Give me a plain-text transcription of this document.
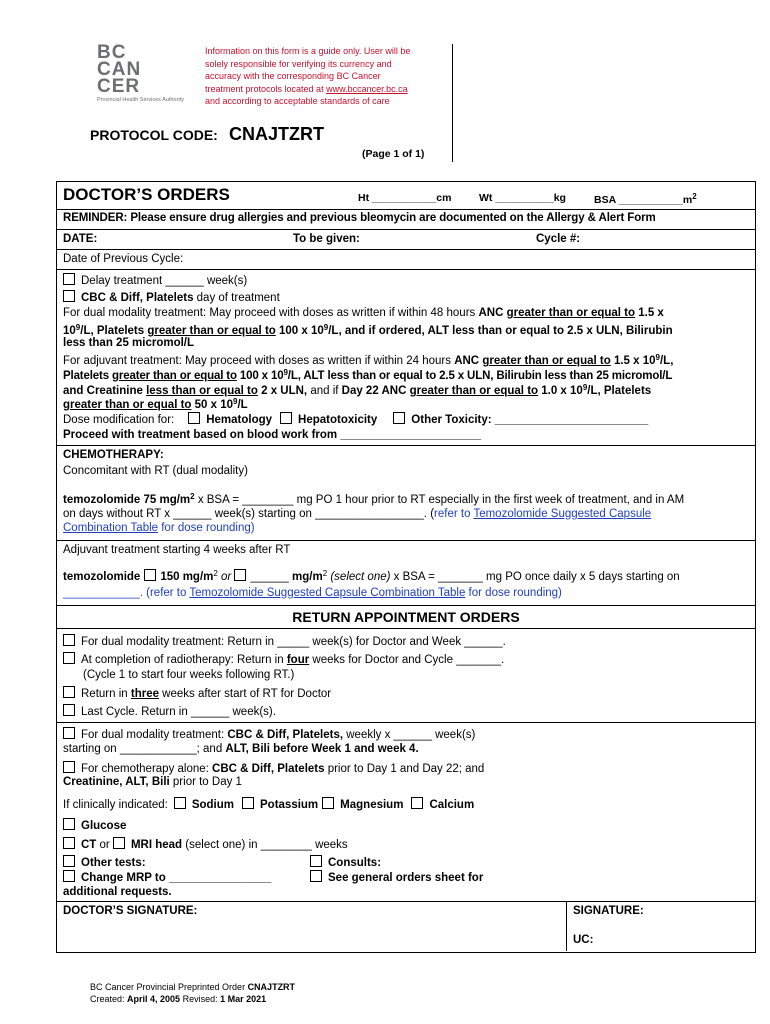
BC
CAN
CER
Provincial Health Services Authority
Information on this form is a guide only. User will be
solely responsible for verifying its currency and
accuracy with the corresponding BC Cancer
treatment protocols located at www.bccancer.bc.ca
and according to acceptable standards of care
PROTOCOL CODE: CNAJTZRT
(Page 1 of 1)
DOCTOR’S ORDERS	Ht ___________cm	Wt __________kg	BSA $\_\_\_\_\_\_\_\_\_\_\_m^2$
REMINDER: Please ensure drug allergies and previous bleomycin are documented on the Allergy & Alert Form
DATE:	To be given:	Cycle #:
Date of Previous Cycle:
Delay treatment ______ week(s)
CBC & Diff, Platelets day of treatment
For dual modality treatment: May proceed with doses as written if within 48 hours ANC greater than or equal to 1.5 x
$10^9/L$, Platelets greater than or equal to 100 x $10^9/L$, and if ordered, ALT less than or equal to 2.5 x ULN, Bilirubin
less than 25 micromol/L
For adjuvant treatment: May proceed with doses as written if within 24 hours ANC greater than or equal to 1.5 x $10^9/L$,
Platelets greater than or equal to 100 x $10^9/L$, ALT less than or equal to 2.5 x ULN, Bilirubin less than 25 micromol/L
and Creatinine less than or equal to 2 x ULN, and if Day 22 ANC greater than or equal to 1.0 x $10^9/L$, Platelets
greater than or equal to 50 x $10^9/L$
Dose modification for:	Hematology Hepatotoxicity	Other Toxicity: ________________________
Proceed with treatment based on blood work from ______________________
CHEMOTHERAPY:
Concomitant with RT (dual modality)
temozolomide 75 $mg/m^2$ x BSA = ________ mg PO 1 hour prior to RT especially in the first week of treatment, and in AM
on days without RT x ______ week(s) starting on _________________. (refer to Temozolomide Suggested Capsule
Combination Table for dose rounding)
Adjuvant treatment starting 4 weeks after RT
temozolomide 150 $mg/m^2$ or ______ $mg/m^2$ (select one) x BSA = _______ mg PO once daily x 5 days starting on
____________. (refer to Temozolomide Suggested Capsule Combination Table for dose rounding)
RETURN APPOINTMENT ORDERS
For dual modality treatment: Return in _____ week(s) for Doctor and Week ______.
At completion of radiotherapy: Return in four weeks for Doctor and Cycle _______.
(Cycle 1 to start four weeks following RT.)
Return in three weeks after start of RT for Doctor
Last Cycle. Return in ______ week(s).
For dual modality treatment: CBC & Diff, Platelets, weekly x ______ week(s)
starting on ____________; and ALT, Bili before Week 1 and week 4.
For chemotherapy alone: CBC & Diff, Platelets prior to Day 1 and Day 22; and
Creatinine, ALT, Bili prior to Day 1
If clinically indicated: Sodium Potassium Magnesium Calcium
Glucose
CT or MRI head (select one) in ________ weeks
Other tests:	Consults:
Change MRP to ________________	See general orders sheet for
additional requests.
DOCTOR’S SIGNATURE:	SIGNATURE:
UC:
BC Cancer Provincial Preprinted Order CNAJTZRT
Created: April 4, 2005 Revised: 1 Mar 2021
